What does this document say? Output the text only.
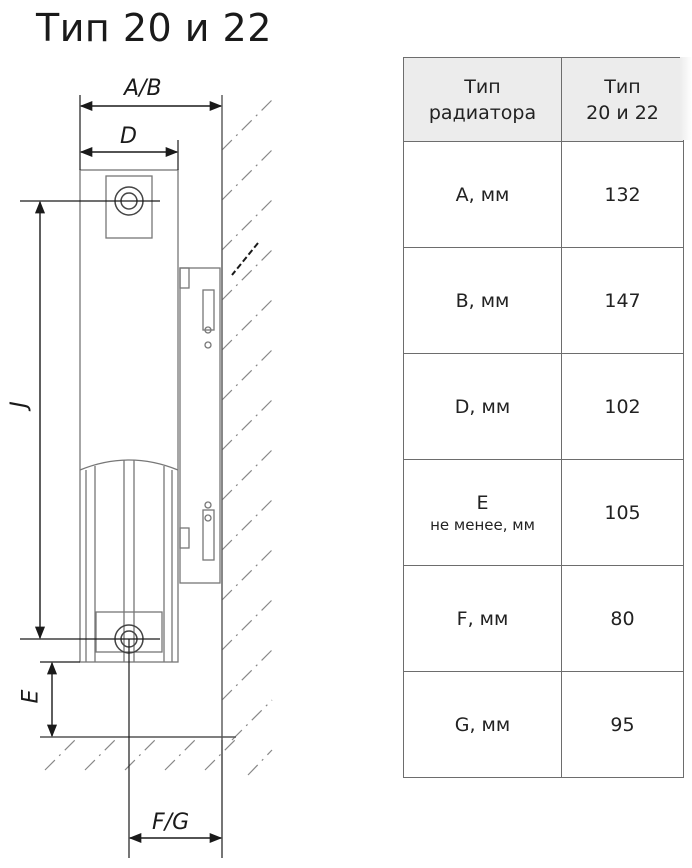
Тип 20 и 22
A/B
D
J
E
F/G
Тип
радиатора	Тип
20 и 22
А, мм	132
B, мм	147
D, мм	102
E
не менее, мм	105
F, мм	80
G, мм	95
